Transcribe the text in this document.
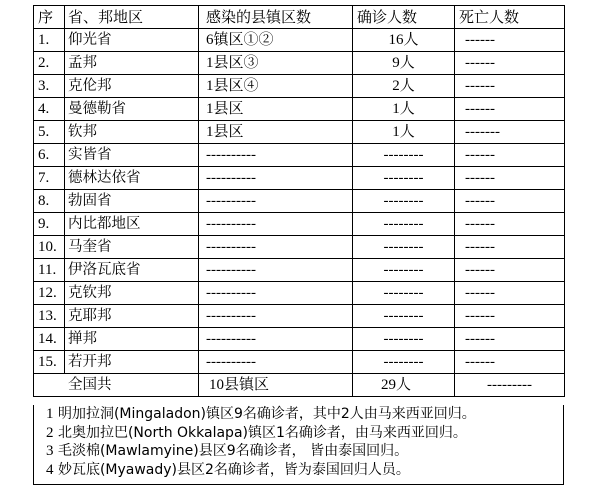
序	省、邦地区	感染的县镇区数	确诊人数	死亡人数
1.	仰光省	6镇区①②	16人	------
2.	孟邦	1县区③	9人	------
3.	克伦邦	1县区④	2人	------
4.	曼德勒省	1县区	1人	------
5.	钦邦	1县区	1人	-------
6.	实皆省	----------	--------	------
7.	德林达依省	----------	--------	------
8.	勃固省	----------	--------	------
9.	内比都地区	----------	--------	------
10.	马奎省	----------	--------	------
11.	伊洛瓦底省	----------	--------	------
12.	克钦邦	----------	--------	------
13.	克耶邦	----------	--------	------
14.	掸邦	----------	--------	------
15.	若开邦	----------	--------	------
全国共		10县镇区	29人	---------
1 明加拉洞(Mingaladon)镇区9名确诊者，其中2人由马来西亚回归。
2 北奥加拉巴(North Okkalapa)镇区1名确诊者，由马来西亚回归。
3 毛淡棉(Mawlamyine)县区9名确诊者， 皆由泰国回归。
4 妙瓦底(Myawady)县区2名确诊者，皆为泰国回归人员。
